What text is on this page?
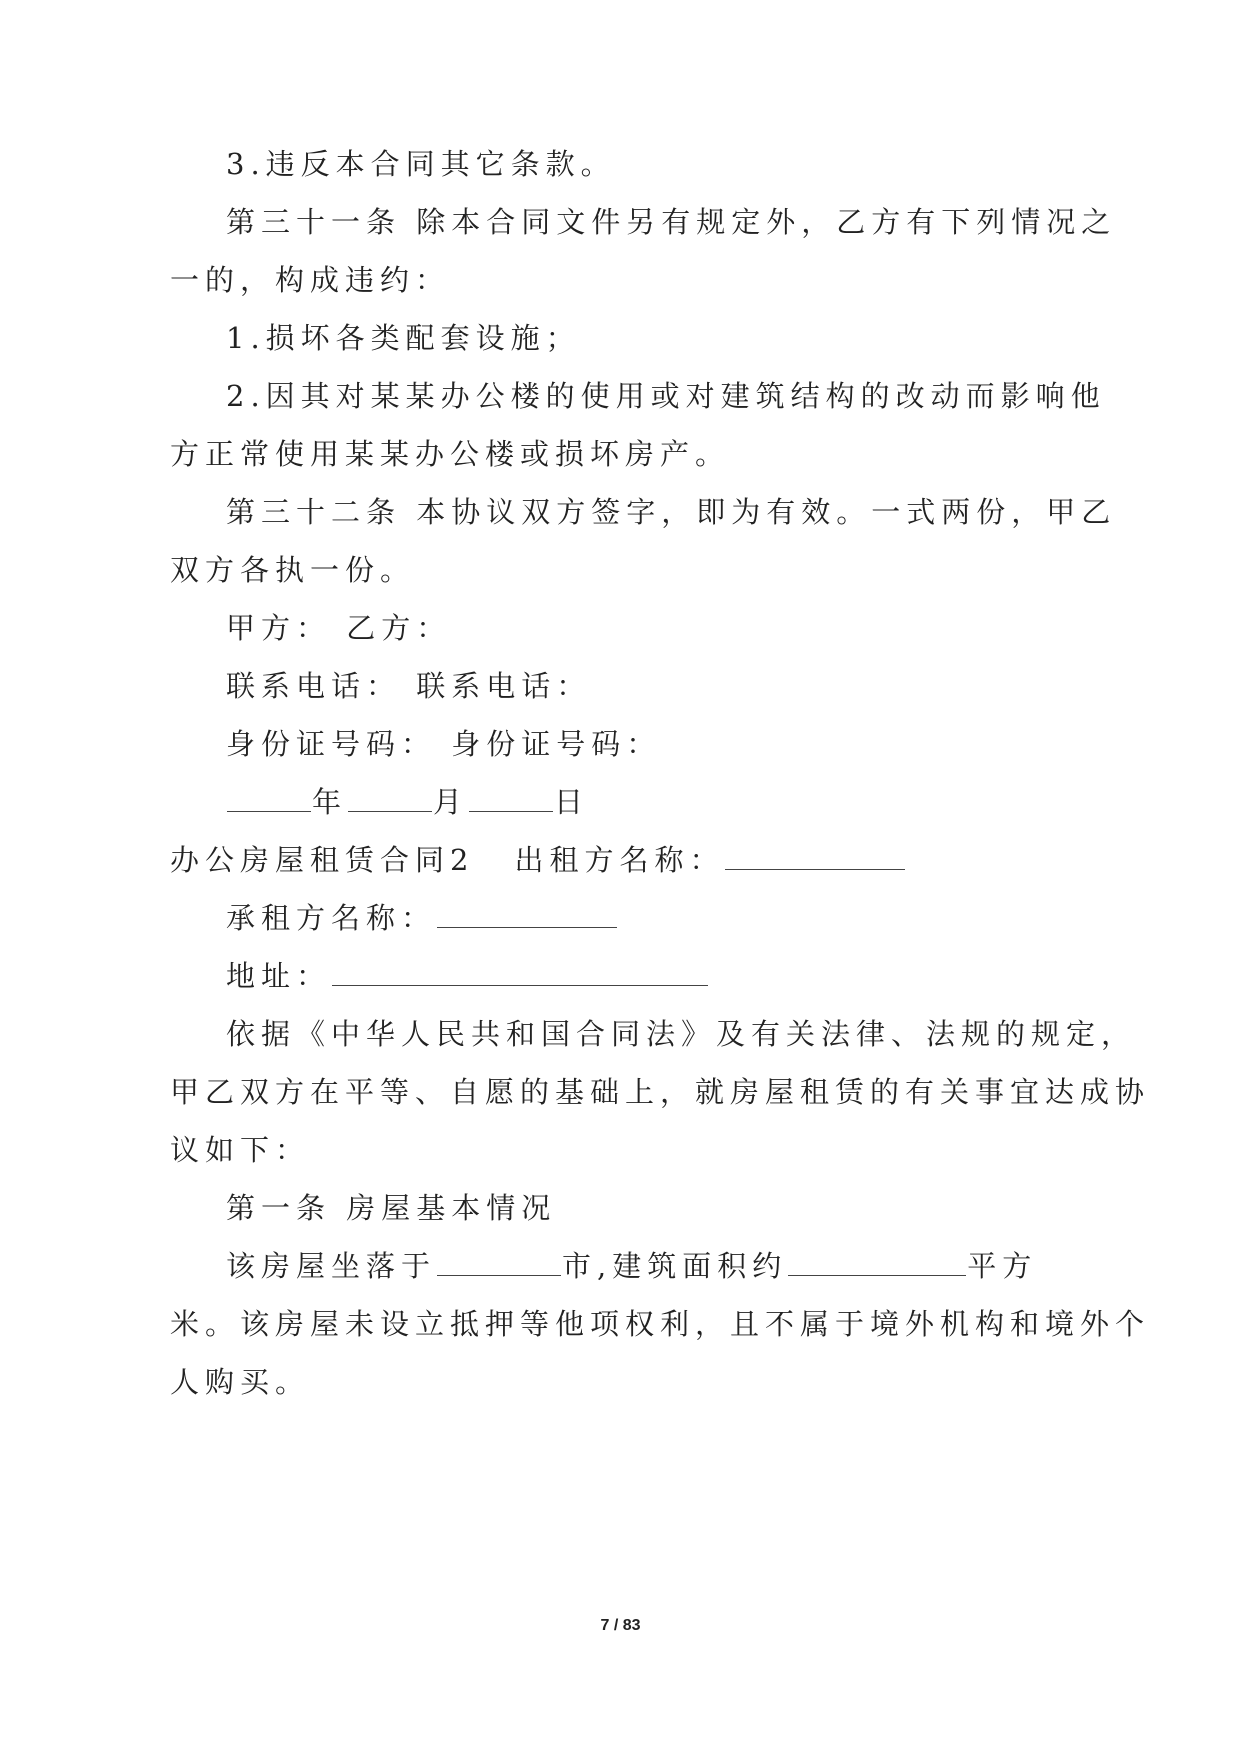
3.违反本合同其它条款。
第三十一条 除本合同文件另有规定外，乙方有下列情况之
一的，构成违约：
1.损坏各类配套设施；
2.因其对某某办公楼的使用或对建筑结构的改动而影响他
方正常使用某某办公楼或损坏房产。
第三十二条 本协议双方签字，即为有效。一式两份，甲乙
双方各执一份。
甲方： 乙方：
联系电话： 联系电话：
身份证号码： 身份证号码：
年	月	日
办公房屋租赁合同2 出租方名称：
承租方名称：
地址：
依据《中华人民共和国合同法》及有关法律、法规的规定，
甲乙双方在平等、自愿的基础上，就房屋租赁的有关事宜达成协
议如下：
第一条 房屋基本情况
该房屋坐落于	市,建筑面积约	平方
米。该房屋未设立抵押等他项权利，且不属于境外机构和境外个
人购买。
7 / 83
